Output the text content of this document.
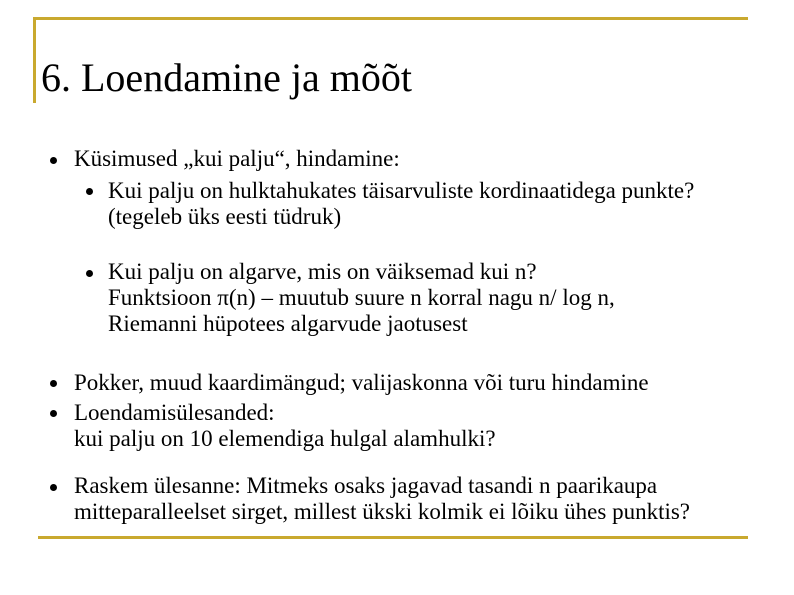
6. Loendamine ja mõõt
Küsimused „kui palju“, hindamine:
Kui palju on hulktahukates täisarvuliste kordinaatidega punkte?
(tegeleb üks eesti tüdruk)
Kui palju on algarve, mis on väiksemad kui n?
Funktsioon π(n) – muutub suure n korral nagu n/ log n,
Riemanni hüpotees algarvude jaotusest
Pokker, muud kaardimängud; valijaskonna või turu hindamine
Loendamisülesanded:
kui palju on 10 elemendiga hulgal alamhulki?
Raskem ülesanne: Mitmeks osaks jagavad tasandi n paarikaupa
mitteparalleelset sirget, millest ükski kolmik ei lõiku ühes punktis?
